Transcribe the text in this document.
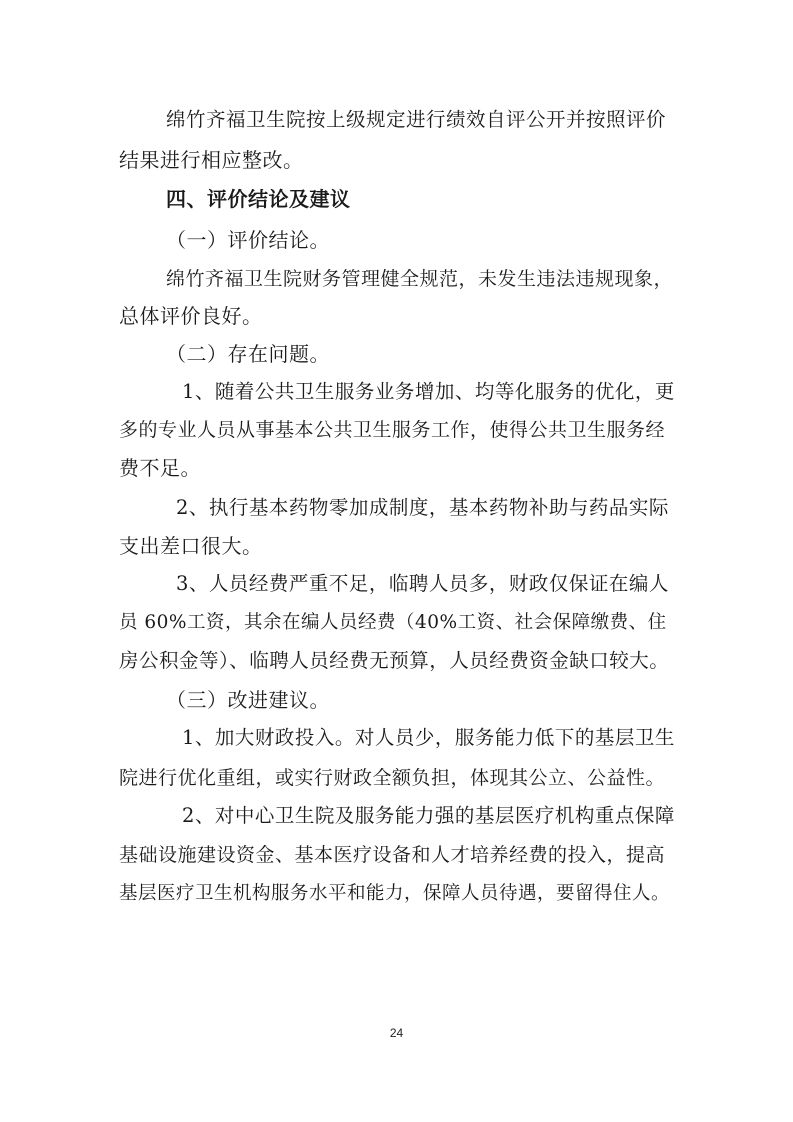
绵竹齐福卫生院按上级规定进行绩效自评公开并按照评价

结果进行相应整改。

四、评价结论及建议

（一）评价结论。

绵竹齐福卫生院财务管理健全规范，未发生违法违规现象，

总体评价良好。

（二）存在问题。

1、随着公共卫生服务业务增加、均等化服务的优化，更

多的专业人员从事基本公共卫生服务工作，使得公共卫生服务经

费不足。

2、执行基本药物零加成制度，基本药物补助与药品实际

支出差口很大。

3、人员经费严重不足，临聘人员多，财政仅保证在编人

员 60%工资，其余在编人员经费（40%工资、社会保障缴费、住

房公积金等）、临聘人员经费无预算，人员经费资金缺口较大。

（三）改进建议。

1、加大财政投入。对人员少，服务能力低下的基层卫生

院进行优化重组，或实行财政全额负担，体现其公立、公益性。

2、对中心卫生院及服务能力强的基层医疗机构重点保障

基础设施建设资金、基本医疗设备和人才培养经费的投入，提高

基层医疗卫生机构服务水平和能力，保障人员待遇，要留得住人。

24
